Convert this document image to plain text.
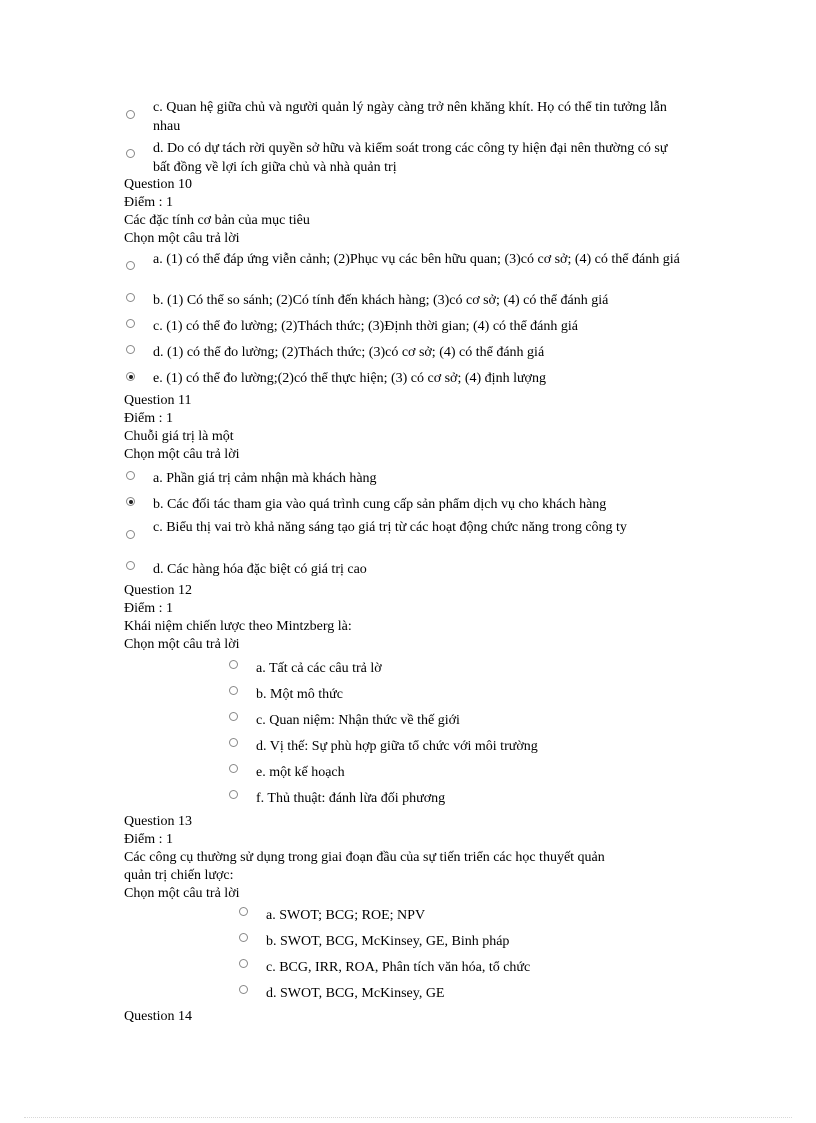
c. Quan hệ giữa chủ và người quản lý ngày càng trở nên khăng khít. Họ có thể tin tưởng lẫn nhau
d. Do có dự tách rời quyền sở hữu và kiểm soát trong các công ty hiện đại nên thường có sự bất đồng về lợi ích giữa chủ và nhà quản trị
Question 10
Điểm : 1
Các đặc tính cơ bản của mục tiêu
Chọn một câu trả lời
a. (1) có thể đáp ứng viễn cảnh; (2)Phục vụ các bên hữu quan; (3)có cơ sở; (4) có thể đánh giá
b. (1) Có thể so sánh; (2)Có tính đến khách hàng; (3)có cơ sở; (4) có thể đánh giá
c. (1) có thể đo lường; (2)Thách thức; (3)Định thời gian; (4) có thể đánh giá
d. (1) có thể đo lường; (2)Thách thức; (3)có cơ sở; (4) có thể đánh giá
e. (1) có thể đo lường;(2)có thể thực hiện; (3) có cơ sở; (4) định lượng
Question 11
Điểm : 1
Chuỗi giá trị là một
Chọn một câu trả lời
a. Phần giá trị cảm nhận mà khách hàng
b. Các đối tác tham gia vào quá trình cung cấp sản phẩm dịch vụ cho khách hàng
c. Biểu thị vai trò khả năng sáng tạo giá trị từ các hoạt động chức năng trong công ty
d. Các hàng hóa đặc biệt có giá trị cao
Question 12
Điểm : 1
Khái niệm chiến lược theo Mintzberg là:
Chọn một câu trả lời
a. Tất cả các câu trả lờ
b. Một mô thức
c. Quan niệm: Nhận thức về thế giới
d. Vị thế: Sự phù hợp giữa tổ chức với môi trường
e. một kế hoạch
f. Thủ thuật: đánh lừa đối phương
Question 13
Điểm : 1
Các công cụ thường sử dụng trong giai đoạn đầu của sự tiến triển các học thuyết quản
quản trị chiến lược:
Chọn một câu trả lời
a. SWOT; BCG; ROE; NPV
b. SWOT, BCG, McKinsey, GE, Binh pháp
c. BCG, IRR, ROA, Phân tích văn hóa, tổ chức
d. SWOT, BCG, McKinsey, GE
Question 14
